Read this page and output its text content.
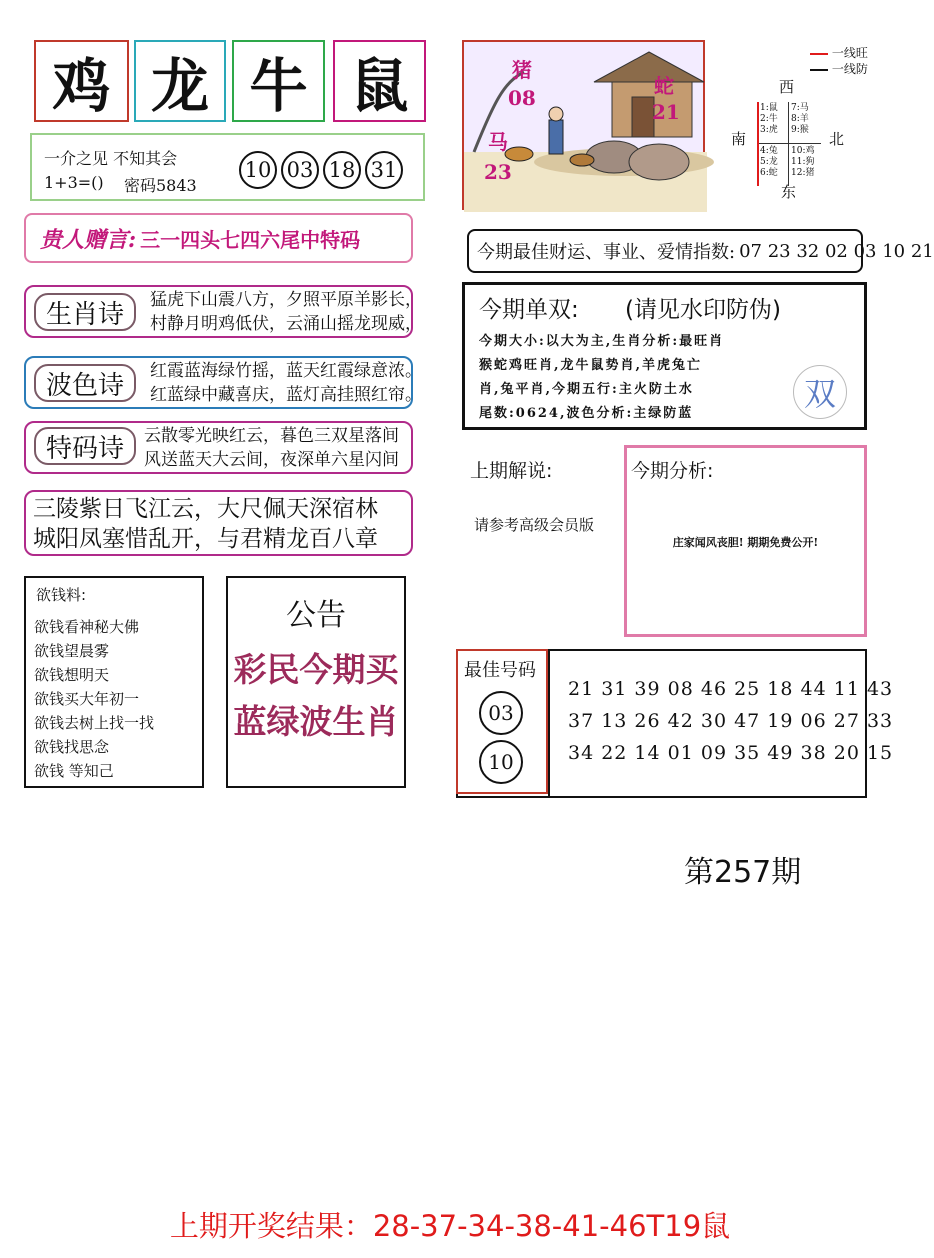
鸡 龙 牛 鼠
一介之见 不知其会
1+3=() 密码5843
10 03 18 31
贵人赠言: 三一四头七四六尾中特码
生肖诗	猛虎下山震八方，夕照平原羊影长，
村静月明鸡低伏，云涌山摇龙现威，
波色诗	红霞蓝海绿竹摇，蓝天红霞绿意浓。
红蓝绿中藏喜庆，蓝灯高挂照红帘。
特码诗	云散零光映红云，暮色三双星落间
风送蓝天大云间，夜深单六星闪间
三陵紫日飞江云，大尺佩天深宿林
城阳凤塞惜乱开，与君精龙百八章
欲钱料:
欲钱看神秘大佛
欲钱望晨雾
欲钱想明天
欲钱买大年初一
欲钱去树上找一找
欲钱找思念
欲钱 等知己
公告
彩民今期买
蓝绿波生肖
猪
08
马
23
蛇
21
一线旺
一线防
西
南	北
东
1:鼠
2:牛
3:虎
7:马
8:羊
9:猴
4:兔
5:龙
6:蛇
10:鸡
11:狗
12:猪
今期最佳财运、事业、爱情指数: 07 23 32 02 03 10 21
今期单双: (请见水印防伪)
今期大小:以大为主,生肖分析:最旺肖
猴蛇鸡旺肖,龙牛鼠势肖,羊虎兔亡
肖,兔平肖,今期五行:主火防土水
尾数:0624,波色分析:主绿防蓝
双
上期解说:
请参考高级会员版
今期分析:
庄家闻风丧胆! 期期免费公开!
最佳号码
03
10
21 31 39 08 46 25 18 44 11 43
37 13 26 42 30 47 19 06 27 33
34 22 14 01 09 35 49 38 20 15
第257期
上期开奖结果：28-37-34-38-41-46T19鼠
